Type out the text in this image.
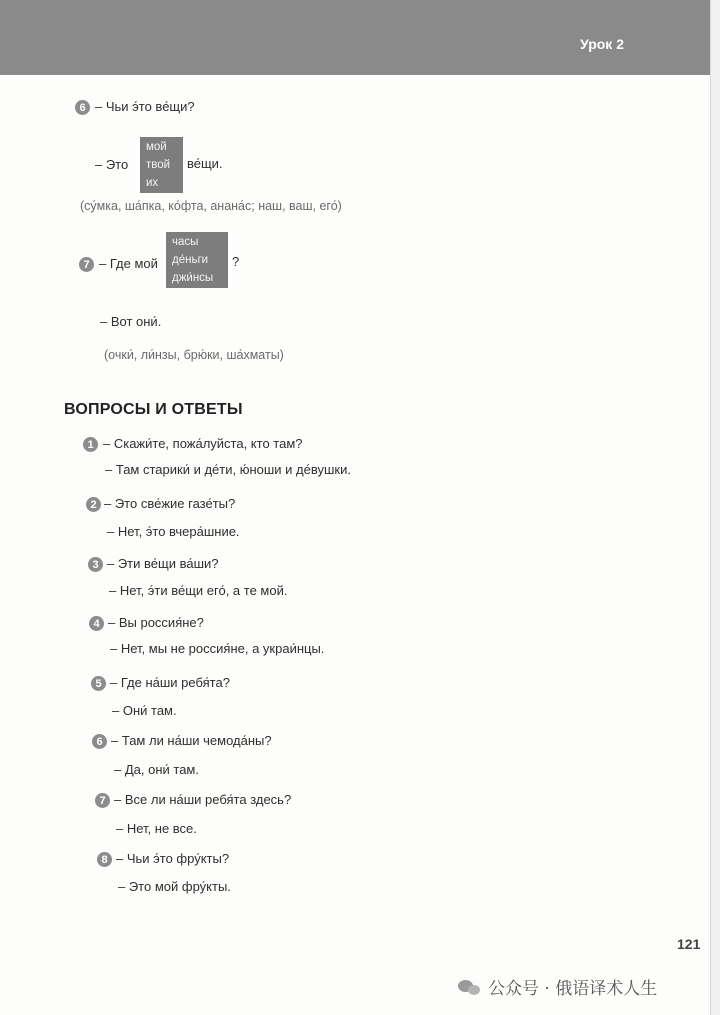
Урок 2
6 – Чьи э́то ве́щи?
– Это
мой
твой
их
ве́щи.
(су́мка, ша́пка, ко́фта, анана́с; наш, ваш, его́)
7 – Где мой
часы
де́ньги
джи́нсы
?
– Вот они́.
(очки́, ли́нзы, брю́ки, ша́хматы)
ВОПРОСЫ И ОТВЕТЫ
1 – Скажи́те, пожа́луйста, кто там?
– Там старики́ и де́ти, ю́ноши и де́вушки.
2 – Это све́жие газе́ты?
– Нет, э́то вчера́шние.
3 – Эти ве́щи ва́ши?
– Нет, э́ти ве́щи его́, а те мой.
4 – Вы россия́не?
– Нет, мы не россия́не, а украи́нцы.
5 – Где на́ши ребя́та?
– Они́ там.
6 – Там ли на́ши чемода́ны?
– Да, они́ там.
7 – Все ли на́ши ребя́та здесь?
– Нет, не все.
8 – Чьи э́то фру́кты?
– Это мой фру́кты.
121
公众号 · 俄语译术人生
